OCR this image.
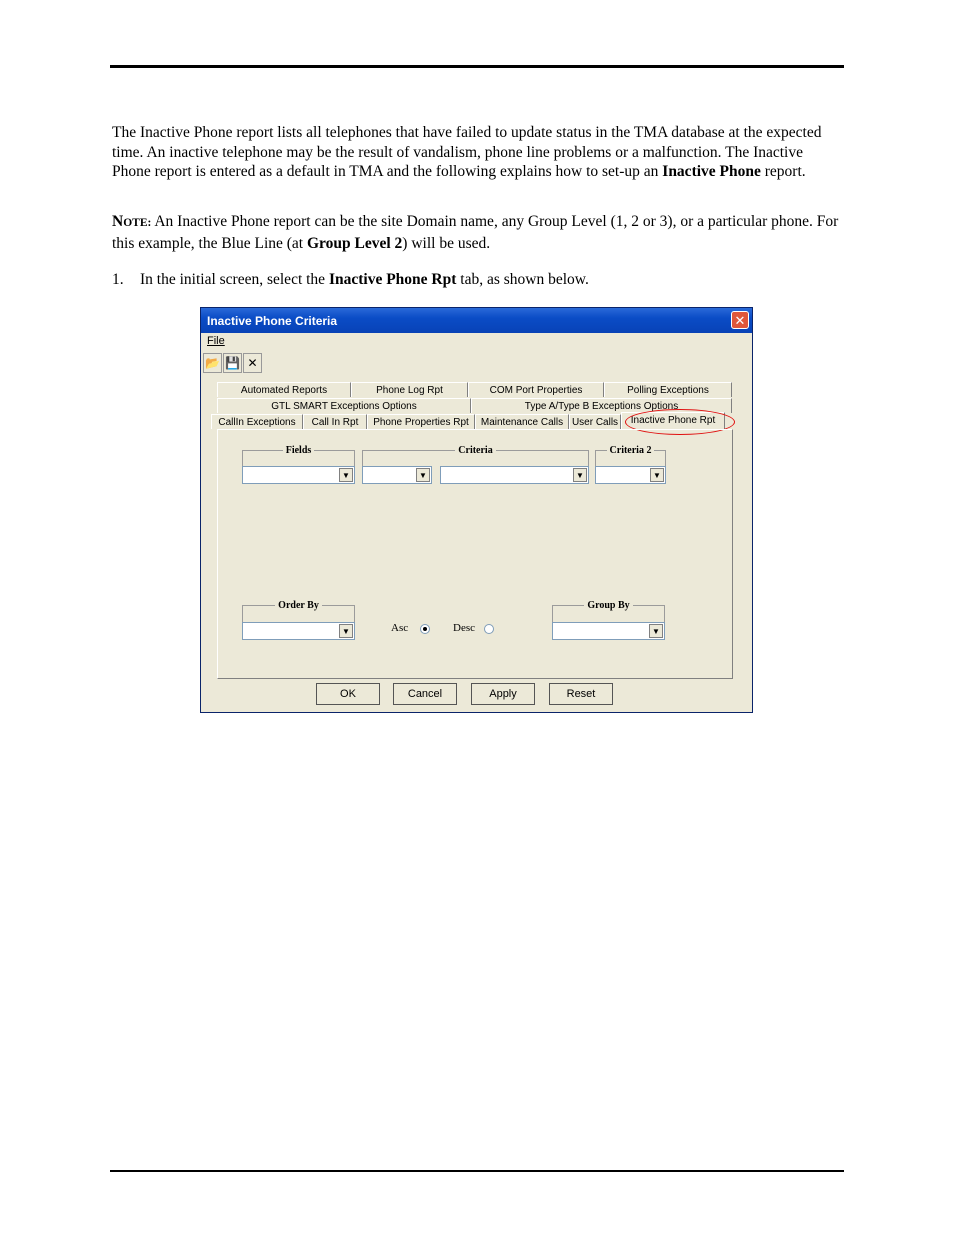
The Inactive Phone report lists all telephones that have failed to update status in the TMA database at the expected time. An inactive telephone may be the result of vandalism, phone line problems or a malfunction. The Inactive Phone report is entered as a default in TMA and the following explains how to set-up an Inactive Phone report.

NOTE: An Inactive Phone report can be the site Domain name, any Group Level (1, 2 or 3), or a particular phone. For this example, the Blue Line (at Group Level 2) will be used.

1. In the initial screen, select the Inactive Phone Rpt tab, as shown below.

Inactive Phone Criteria	✕
File
📂 💾 ✕
Automated Reports	Phone Log Rpt	COM Port Properties	Polling Exceptions
GTL SMART Exceptions Options	Type A/Type B Exceptions Options
CallIn Exceptions	Call In Rpt	Phone Properties Rpt	Maintenance Calls User Calls	Inactive Phone Rpt
Fields
▼
Criteria
▼	▼
Criteria 2
▼
Order By
▼	Asc	Desc
Group By
▼
OK	Cancel	Apply	Reset
